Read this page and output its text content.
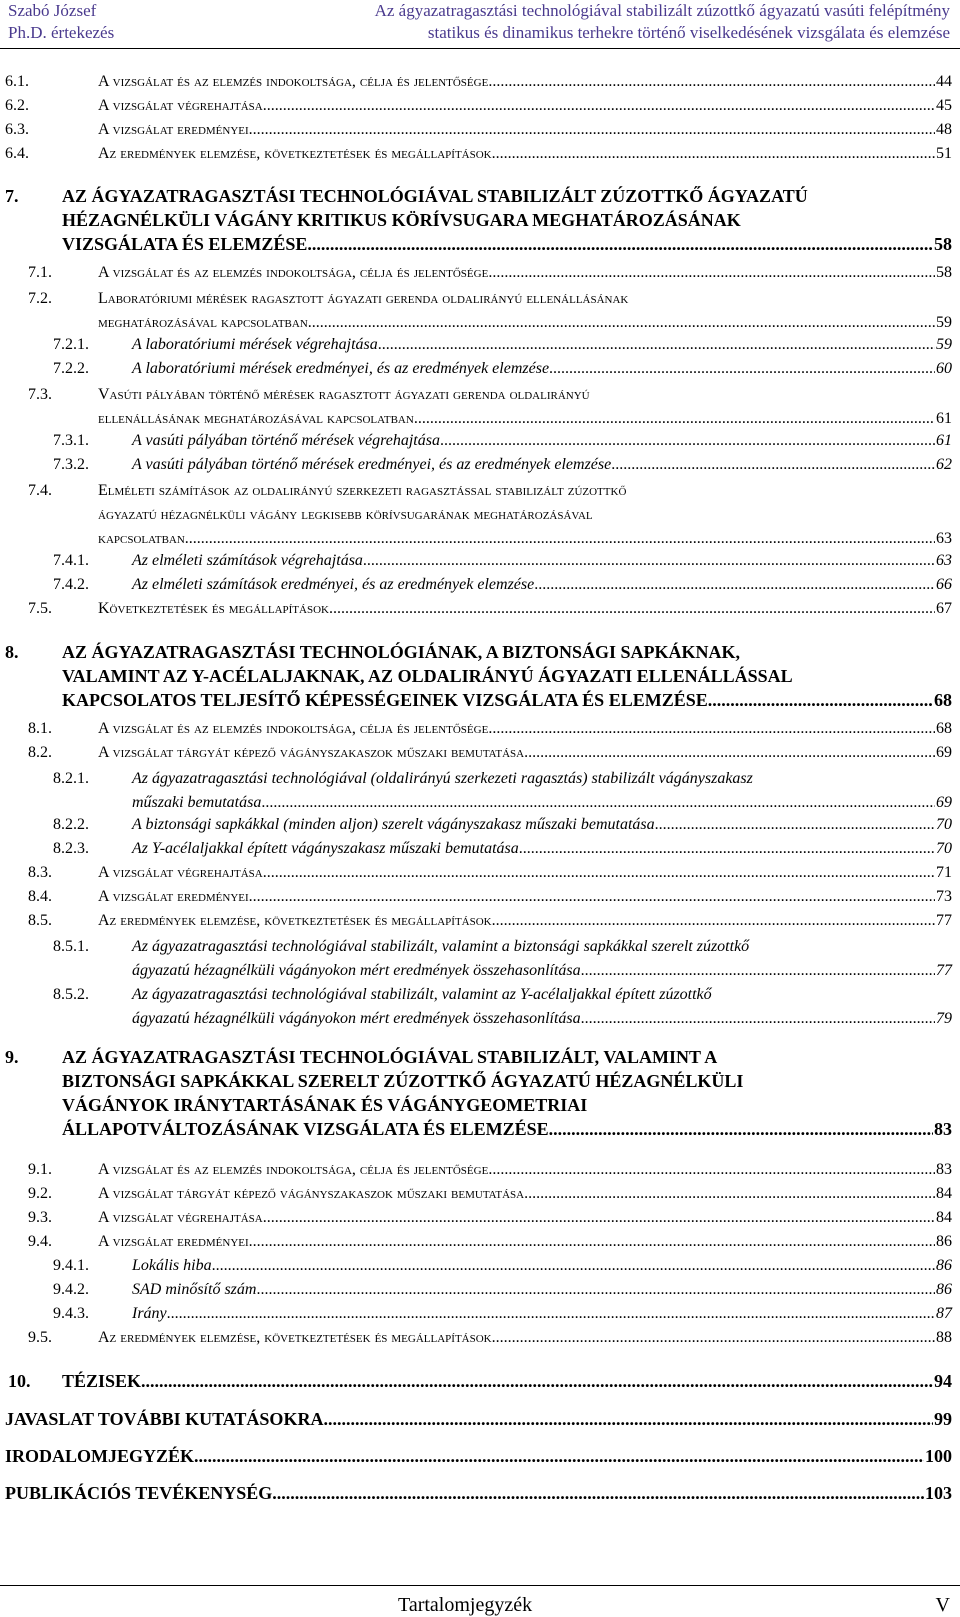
Szabó József
Ph.D. értekezés
Az ágyazatragasztási technológiával stabilizált zúzottkő ágyazatú vasúti felépítmény
statikus és dinamikus terhekre történő viselkedésének vizsgálata és elemzése
6.1.	A vizsgálat és az elemzés indokoltsága, célja és jelentősége .....	44
6.2.	A vizsgálat végrehajtása .....	45
6.3.	A vizsgálat eredményei .....	48
6.4.	Az eredmények elemzése, következtetések és megállapítások .....	51
7. AZ ÁGYAZATRAGASZTÁSI TECHNOLÓGIÁVAL STABILIZÁLT ZÚZOTTKŐ ÁGYAZATÚ
HÉZAGNÉLKÜLI VÁGÁNY KRITIKUS KÖRÍVSUGARA MEGHATÁROZÁSÁNAK
VIZSGÁLATA ÉS ELEMZÉSE .....	58
7.1.	A vizsgálat és az elemzés indokoltsága, célja és jelentősége .....	58
7.2.	Laboratóriumi mérések ragasztott ágyazati gerenda oldalirányú ellenállásának
meghatározásával kapcsolatban .....	59
7.2.1.	A laboratóriumi mérések végrehajtása .....	59
7.2.2.	A laboratóriumi mérések eredményei, és az eredmények elemzése .....	60
7.3.	Vasúti pályában történő mérések ragasztott ágyazati gerenda oldalirányú
ellenállásának meghatározásával kapcsolatban .....	61
7.3.1.	A vasúti pályában történő mérések végrehajtása .....	61
7.3.2.	A vasúti pályában történő mérések eredményei, és az eredmények elemzése .....	62
7.4.	Elméleti számítások az oldalirányú szerkezeti ragasztással stabilizált zúzottkő
ágyazatú hézagnélküli vágány legkisebb körívsugarának meghatározásával
kapcsolatban .....	63
7.4.1.	Az elméleti számítások végrehajtása .....	63
7.4.2.	Az elméleti számítások eredményei, és az eredmények elemzése .....	66
7.5.	Következtetések és megállapítások .....	67
8. AZ ÁGYAZATRAGASZTÁSI TECHNOLÓGIÁNAK, A BIZTONSÁGI SAPKÁKNAK,
VALAMINT AZ Y-ACÉLALJAKNAK, AZ OLDALIRÁNYÚ ÁGYAZATI ELLENÁLLÁSSAL
KAPCSOLATOS TELJESÍTŐ KÉPESSÉGEINEK VIZSGÁLATA ÉS ELEMZÉSE .....	68
8.1.	A vizsgálat és az elemzés indokoltsága, célja és jelentősége .....	68
8.2.	A vizsgálat tárgyát képező vágányszakaszok műszaki bemutatása .....	69
8.2.1.	Az ágyazatragasztási technológiával (oldalirányú szerkezeti ragasztás) stabilizált vágányszakasz
műszaki bemutatása .....	69
8.2.2.	A biztonsági sapkákkal (minden aljon) szerelt vágányszakasz műszaki bemutatása .....	70
8.2.3.	Az Y-acélaljakkal épített vágányszakasz műszaki bemutatása .....	70
8.3.	A vizsgálat végrehajtása .....	71
8.4.	A vizsgálat eredményei .....	73
8.5.	Az eredmények elemzése, következtetések és megállapítások .....	77
8.5.1.	Az ágyazatragasztási technológiával stabilizált, valamint a biztonsági sapkákkal szerelt zúzottkő
ágyazatú hézagnélküli vágányokon mért eredmények összehasonlítása .....	77
8.5.2.	Az ágyazatragasztási technológiával stabilizált, valamint az Y-acélaljakkal épített zúzottkő
ágyazatú hézagnélküli vágányokon mért eredmények összehasonlítása .....	79
9. AZ ÁGYAZATRAGASZTÁSI TECHNOLÓGIÁVAL STABILIZÁLT, VALAMINT A
BIZTONSÁGI SAPKÁKKAL SZERELT ZÚZOTTKŐ ÁGYAZATÚ HÉZAGNÉLKÜLI
VÁGÁNYOK IRÁNYTARTÁSÁNAK ÉS VÁGÁNYGEOMETRIAI
ÁLLAPOTVÁLTOZÁSÁNAK VIZSGÁLATA ÉS ELEMZÉSE .....	83
9.1.	A vizsgálat és az elemzés indokoltsága, célja és jelentősége .....	83
9.2.	A vizsgálat tárgyát képező vágányszakaszok műszaki bemutatása .....	84
9.3.	A vizsgálat végrehajtása .....	84
9.4.	A vizsgálat eredményei .....	86
9.4.1.	Lokális hiba .....	86
9.4.2.	SAD minősítő szám .....	86
9.4.3.	Irány .....	87
9.5.	Az eredmények elemzése, következtetések és megállapítások .....	88
10. TÉZISEK .....	94
JAVASLAT TOVÁBBI KUTATÁSOKRA .....	99
IRODALOMJEGYZÉK .....	100
PUBLIKÁCIÓS TEVÉKENYSÉG .....	103
Tartalomjegyzék	V
